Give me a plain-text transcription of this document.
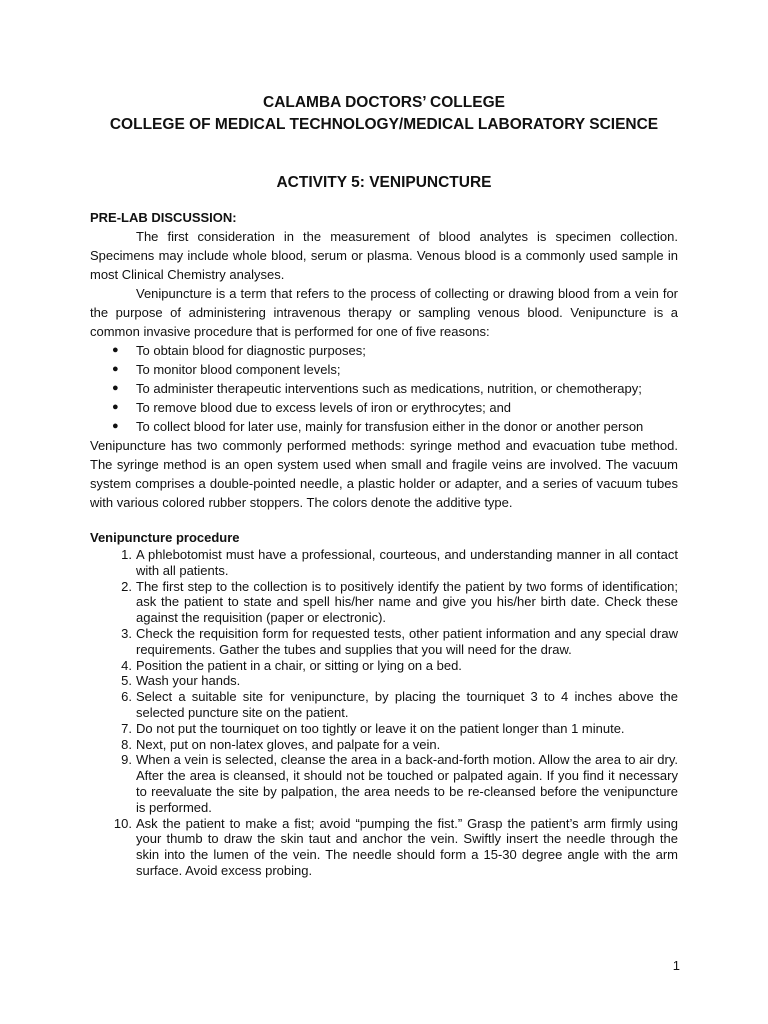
CALAMBA DOCTORS’ COLLEGE

COLLEGE OF MEDICAL TECHNOLOGY/MEDICAL LABORATORY SCIENCE

ACTIVITY 5: VENIPUNCTURE

PRE-LAB DISCUSSION:

The first consideration in the measurement of blood analytes is specimen collection. Specimens may include whole blood, serum or plasma. Venous blood is a commonly used sample in most Clinical Chemistry analyses.

Venipuncture is a term that refers to the process of collecting or drawing blood from a vein for the purpose of administering intravenous therapy or sampling venous blood. Venipuncture is a common invasive procedure that is performed for one of five reasons:

● To obtain blood for diagnostic purposes;
● To monitor blood component levels;
● To administer therapeutic interventions such as medications, nutrition, or chemotherapy;
● To remove blood due to excess levels of iron or erythrocytes; and
● To collect blood for later use, mainly for transfusion either in the donor or another person

Venipuncture has two commonly performed methods: syringe method and evacuation tube method. The syringe method is an open system used when small and fragile veins are involved. The vacuum system comprises a double-pointed needle, a plastic holder or adapter, and a series of vacuum tubes with various colored rubber stoppers. The colors denote the additive type.

Venipuncture procedure

1. A phlebotomist must have a professional, courteous, and understanding manner in all contact with all patients.
2. The first step to the collection is to positively identify the patient by two forms of identification; ask the patient to state and spell his/her name and give you his/her birth date. Check these against the requisition (paper or electronic).
3. Check the requisition form for requested tests, other patient information and any special draw requirements. Gather the tubes and supplies that you will need for the draw.
4. Position the patient in a chair, or sitting or lying on a bed.
5. Wash your hands.
6. Select a suitable site for venipuncture, by placing the tourniquet 3 to 4 inches above the selected puncture site on the patient.
7. Do not put the tourniquet on too tightly or leave it on the patient longer than 1 minute.
8. Next, put on non-latex gloves, and palpate for a vein.
9. When a vein is selected, cleanse the area in a back-and-forth motion. Allow the area to air dry. After the area is cleansed, it should not be touched or palpated again. If you find it necessary to reevaluate the site by palpation, the area needs to be re-cleansed before the venipuncture is performed.
10. Ask the patient to make a fist; avoid “pumping the fist.” Grasp the patient’s arm firmly using your thumb to draw the skin taut and anchor the vein. Swiftly insert the needle through the skin into the lumen of the vein. The needle should form a 15-30 degree angle with the arm surface. Avoid excess probing.
1
